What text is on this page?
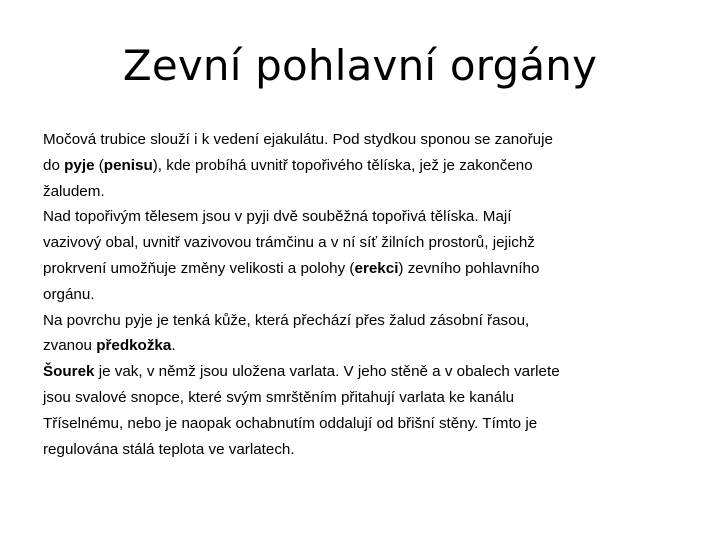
Zevní pohlavní orgány
Močová trubice slouží i k vedení ejakulátu. Pod stydkou sponou se zanořuje
do pyje (penisu), kde probíhá uvnitř topořivého tělíska, jež je zakončeno
žaludem.
Nad topořivým tělesem jsou v pyji dvě souběžná topořivá tělíska. Mají
vazivový obal, uvnitř vazivovou trámčinu a v ní síť žilních prostorů, jejichž
prokrvení umožňuje změny velikosti a polohy (erekci) zevního pohlavního
orgánu.
Na povrchu pyje je tenká kůže, která přechází přes žalud zásobní řasou,
zvanou předkožka.
Šourek je vak, v němž jsou uložena varlata. V jeho stěně a v obalech varlete
jsou svalové snopce, které svým smrštěním přitahují varlata ke kanálu
Tříselnému, nebo je naopak ochabnutím oddalují od břišní stěny. Tímto je
regulována stálá teplota ve varlatech.
